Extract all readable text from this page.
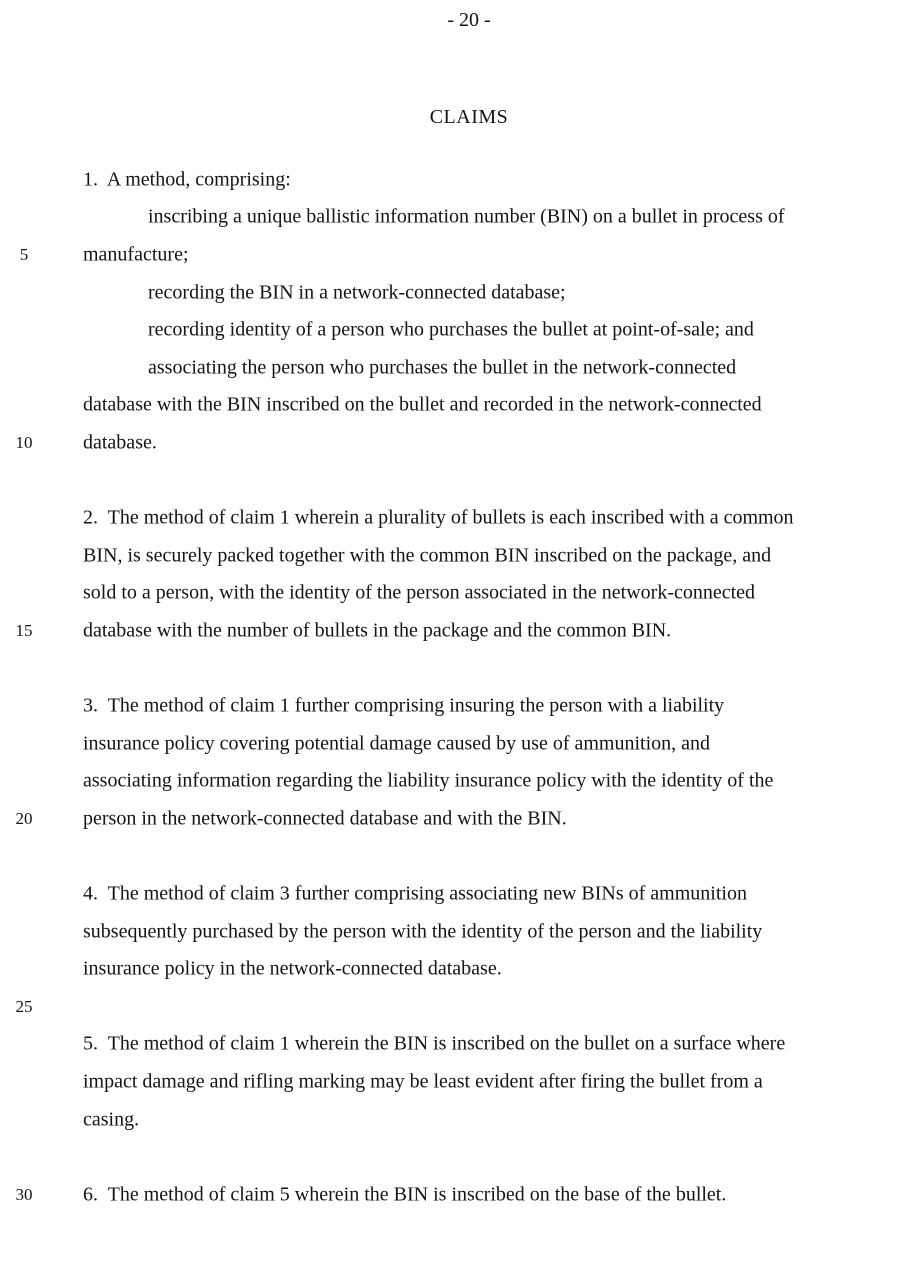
- 20 -
CLAIMS
1.  A method, comprising:
inscribing a unique ballistic information number (BIN) on a bullet in process of
5	manufacture;
recording the BIN in a network-connected database;
recording identity of a person who purchases the bullet at point-of-sale; and
associating the person who purchases the bullet in the network-connected
database with the BIN inscribed on the bullet and recorded in the network-connected
10	database.
2.  The method of claim 1 wherein a plurality of bullets is each inscribed with a common
BIN, is securely packed together with the common BIN inscribed on the package, and
sold to a person, with the identity of the person associated in the network-connected
15	database with the number of bullets in the package and the common BIN.
3.  The method of claim 1 further comprising insuring the person with a liability
insurance policy covering potential damage caused by use of ammunition, and
associating information regarding the liability insurance policy with the identity of the
20	person in the network-connected database and with the BIN.
4.  The method of claim 3 further comprising associating new BINs of ammunition
subsequently purchased by the person with the identity of the person and the liability
insurance policy in the network-connected database.
25
5.  The method of claim 1 wherein the BIN is inscribed on the bullet on a surface where
impact damage and rifling marking may be least evident after firing the bullet from a
casing.
30	6.  The method of claim 5 wherein the BIN is inscribed on the base of the bullet.
